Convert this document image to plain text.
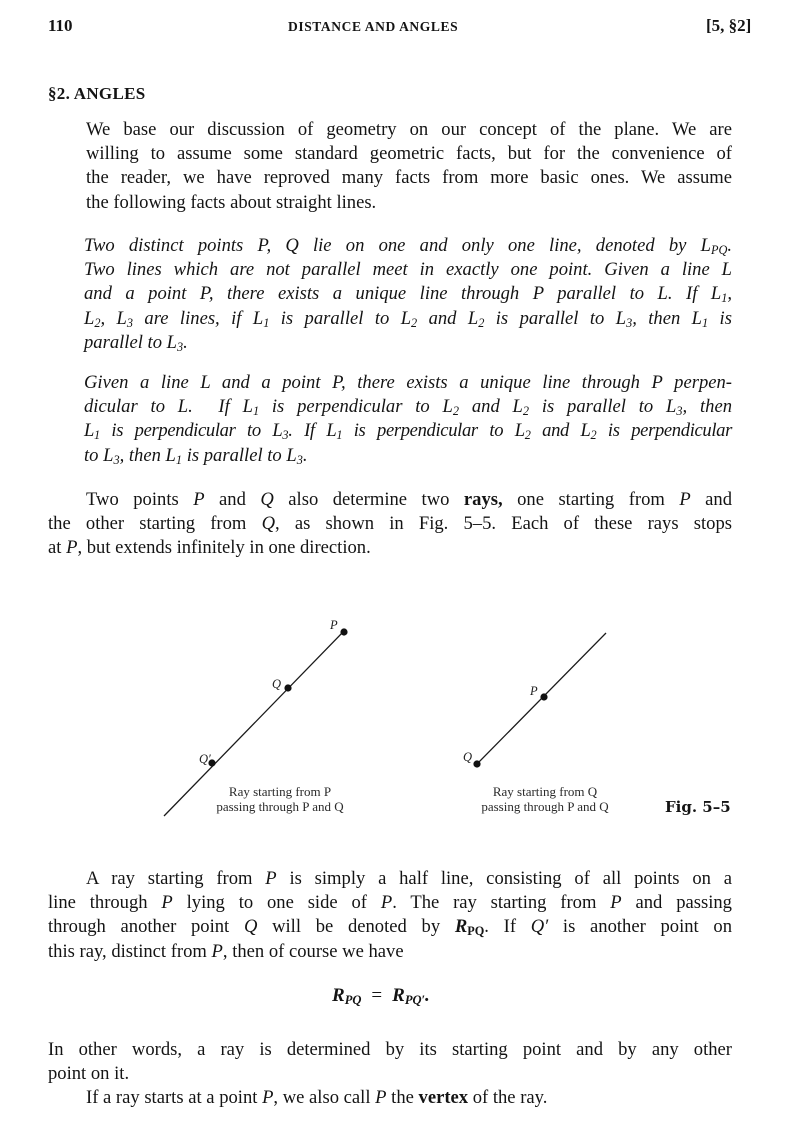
110	DISTANCE AND ANGLES	[5, §2]
§2. ANGLES
We base our discussion of geometry on our concept of the plane. We are
willing to assume some standard geometric facts, but for the convenience of
the reader, we have reproved many facts from more basic ones. We assume
the following facts about straight lines.
Two distinct points P, Q lie on one and only one line, denoted by $L_{PQ}$.
Two lines which are not parallel meet in exactly one point. Given a line L
and a point P, there exists a unique line through P parallel to L. If $L_1$,
$L_2$, $L_3$ are lines, if $L_1$ is parallel to $L_2$ and $L_2$ is parallel to $L_3$, then $L_1$ is
parallel to $L_3$.
Given a line L and a point P, there exists a unique line through P perpen-
dicular to L.  If $L_1$ is perpendicular to $L_2$ and $L_2$ is parallel to $L_3$, then
$L_1$ is perpendicular to $L_3$. If $L_1$ is perpendicular to $L_2$ and $L_2$ is perpendicular
to $L_3$, then $L_1$ is parallel to $L_3$.
Two points P and Q also determine two rays, one starting from P and
the other starting from Q, as shown in Fig. 5–5. Each of these rays stops
at P, but extends infinitely in one direction.
P
Q
Q′
P
Q
Ray starting from P
passing through P and Q
Ray starting from Q
passing through P and Q	Fig. 5–5
A ray starting from P is simply a half line, consisting of all points on a
line through P lying to one side of P. The ray starting from P and passing
through another point Q will be denoted by $R_{PQ}$. If Q′ is another point on
this ray, distinct from P, then of course we have
$R_{PQ} = R_{PQ'}$.
In other words, a ray is determined by its starting point and by any other
point on it.
If a ray starts at a point P, we also call P the vertex of the ray.
